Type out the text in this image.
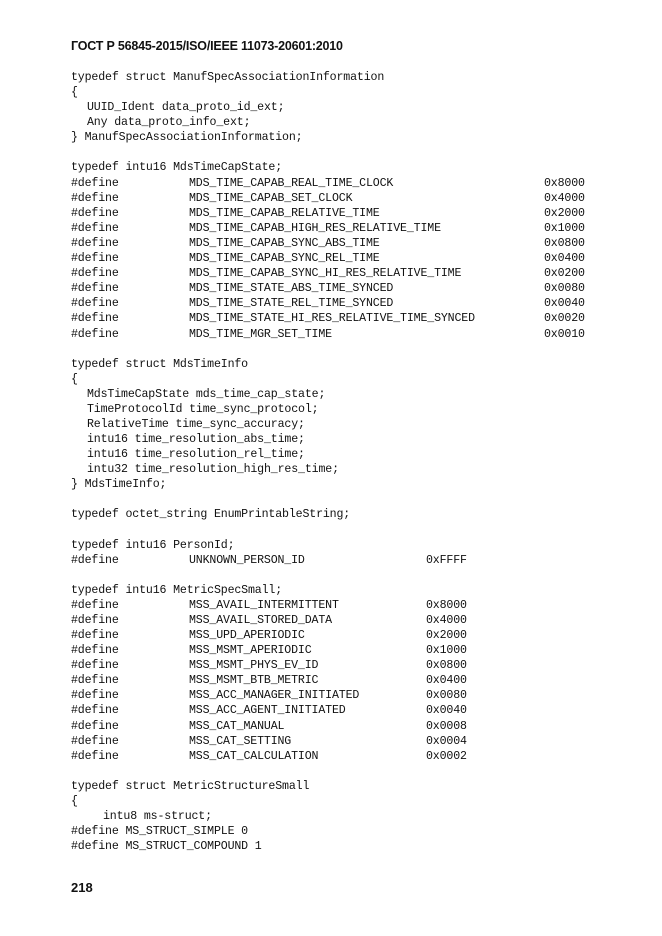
ГОСТ Р 56845-2015/ISO/IEEE 11073-20601:2010
typedef struct ManufSpecAssociationInformation
{
UUID_Ident data_proto_id_ext;
Any data_proto_info_ext;
} ManufSpecAssociationInformation;
typedef intu16 MdsTimeCapState;
#define	MDS_TIME_CAPAB_REAL_TIME_CLOCK	0x8000
#define	MDS_TIME_CAPAB_SET_CLOCK	0x4000
#define	MDS_TIME_CAPAB_RELATIVE_TIME	0x2000
#define	MDS_TIME_CAPAB_HIGH_RES_RELATIVE_TIME	0x1000
#define	MDS_TIME_CAPAB_SYNC_ABS_TIME	0x0800
#define	MDS_TIME_CAPAB_SYNC_REL_TIME	0x0400
#define	MDS_TIME_CAPAB_SYNC_HI_RES_RELATIVE_TIME	0x0200
#define	MDS_TIME_STATE_ABS_TIME_SYNCED	0x0080
#define	MDS_TIME_STATE_REL_TIME_SYNCED	0x0040
#define	MDS_TIME_STATE_HI_RES_RELATIVE_TIME_SYNCED	0x0020
#define	MDS_TIME_MGR_SET_TIME	0x0010
typedef struct MdsTimeInfo
{
MdsTimeCapState mds_time_cap_state;
TimeProtocolId time_sync_protocol;
RelativeTime time_sync_accuracy;
intu16 time_resolution_abs_time;
intu16 time_resolution_rel_time;
intu32 time_resolution_high_res_time;
} MdsTimeInfo;
typedef octet_string EnumPrintableString;
typedef intu16 PersonId;
#define	UNKNOWN_PERSON_ID	0xFFFF
typedef intu16 MetricSpecSmall;
#define	MSS_AVAIL_INTERMITTENT	0x8000
#define	MSS_AVAIL_STORED_DATA	0x4000
#define	MSS_UPD_APERIODIC	0x2000
#define	MSS_MSMT_APERIODIC	0x1000
#define	MSS_MSMT_PHYS_EV_ID	0x0800
#define	MSS_MSMT_BTB_METRIC	0x0400
#define	MSS_ACC_MANAGER_INITIATED	0x0080
#define	MSS_ACC_AGENT_INITIATED	0x0040
#define	MSS_CAT_MANUAL	0x0008
#define	MSS_CAT_SETTING	0x0004
#define	MSS_CAT_CALCULATION	0x0002
typedef struct MetricStructureSmall
{
intu8 ms-struct;
#define MS_STRUCT_SIMPLE 0
#define MS_STRUCT_COMPOUND 1
218
